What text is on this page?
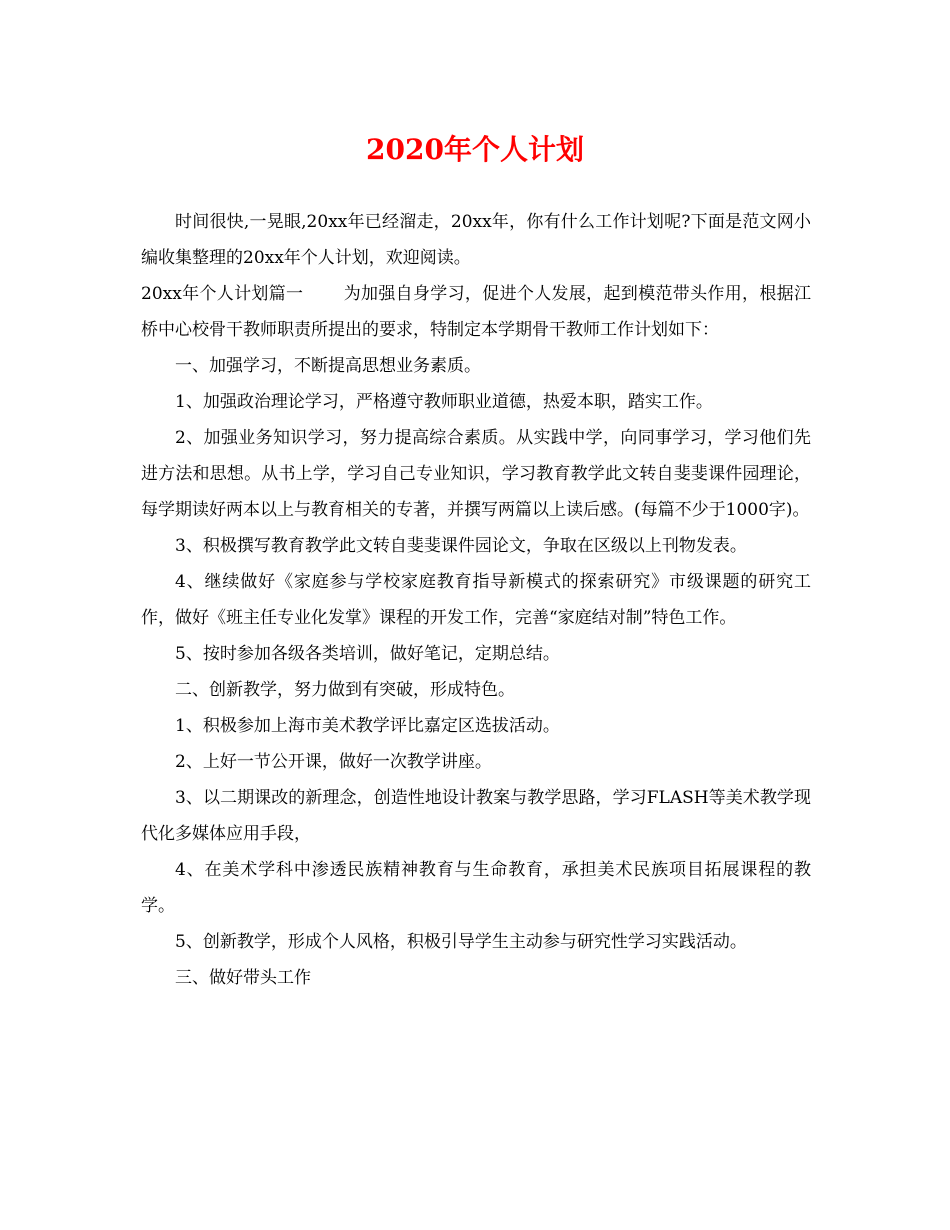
2020年个人计划

时间很快,一晃眼,20xx年已经溜走，20xx年，你有什么工作计划呢?下面是范文网小编收集整理的20xx年个人计划，欢迎阅读。

20xx年个人计划篇一 为加强自身学习，促进个人发展，起到模范带头作用，根据江桥中心校骨干教师职责所提出的要求，特制定本学期骨干教师工作计划如下：

一、加强学习，不断提高思想业务素质。

1、加强政治理论学习，严格遵守教师职业道德，热爱本职，踏实工作。

2、加强业务知识学习，努力提高综合素质。从实践中学，向同事学习，学习他们先进方法和思想。从书上学，学习自己专业知识，学习教育教学此文转自斐斐课件园理论，每学期读好两本以上与教育相关的专著，并撰写两篇以上读后感。(每篇不少于1000字)。

3、积极撰写教育教学此文转自斐斐课件园论文，争取在区级以上刊物发表。

4、继续做好《家庭参与学校家庭教育指导新模式的探索研究》市级课题的研究工作，做好《班主任专业化发掌》课程的开发工作，完善“家庭结对制”特色工作。

5、按时参加各级各类培训，做好笔记，定期总结。

二、创新教学，努力做到有突破，形成特色。

1、积极参加上海市美术教学评比嘉定区选拔活动。

2、上好一节公开课，做好一次教学讲座。

3、以二期课改的新理念，创造性地设计教案与教学思路，学习FLASH等美术教学现代化多媒体应用手段，

4、在美术学科中渗透民族精神教育与生命教育，承担美术民族项目拓展课程的教学。

5、创新教学，形成个人风格，积极引导学生主动参与研究性学习实践活动。

三、做好带头工作
